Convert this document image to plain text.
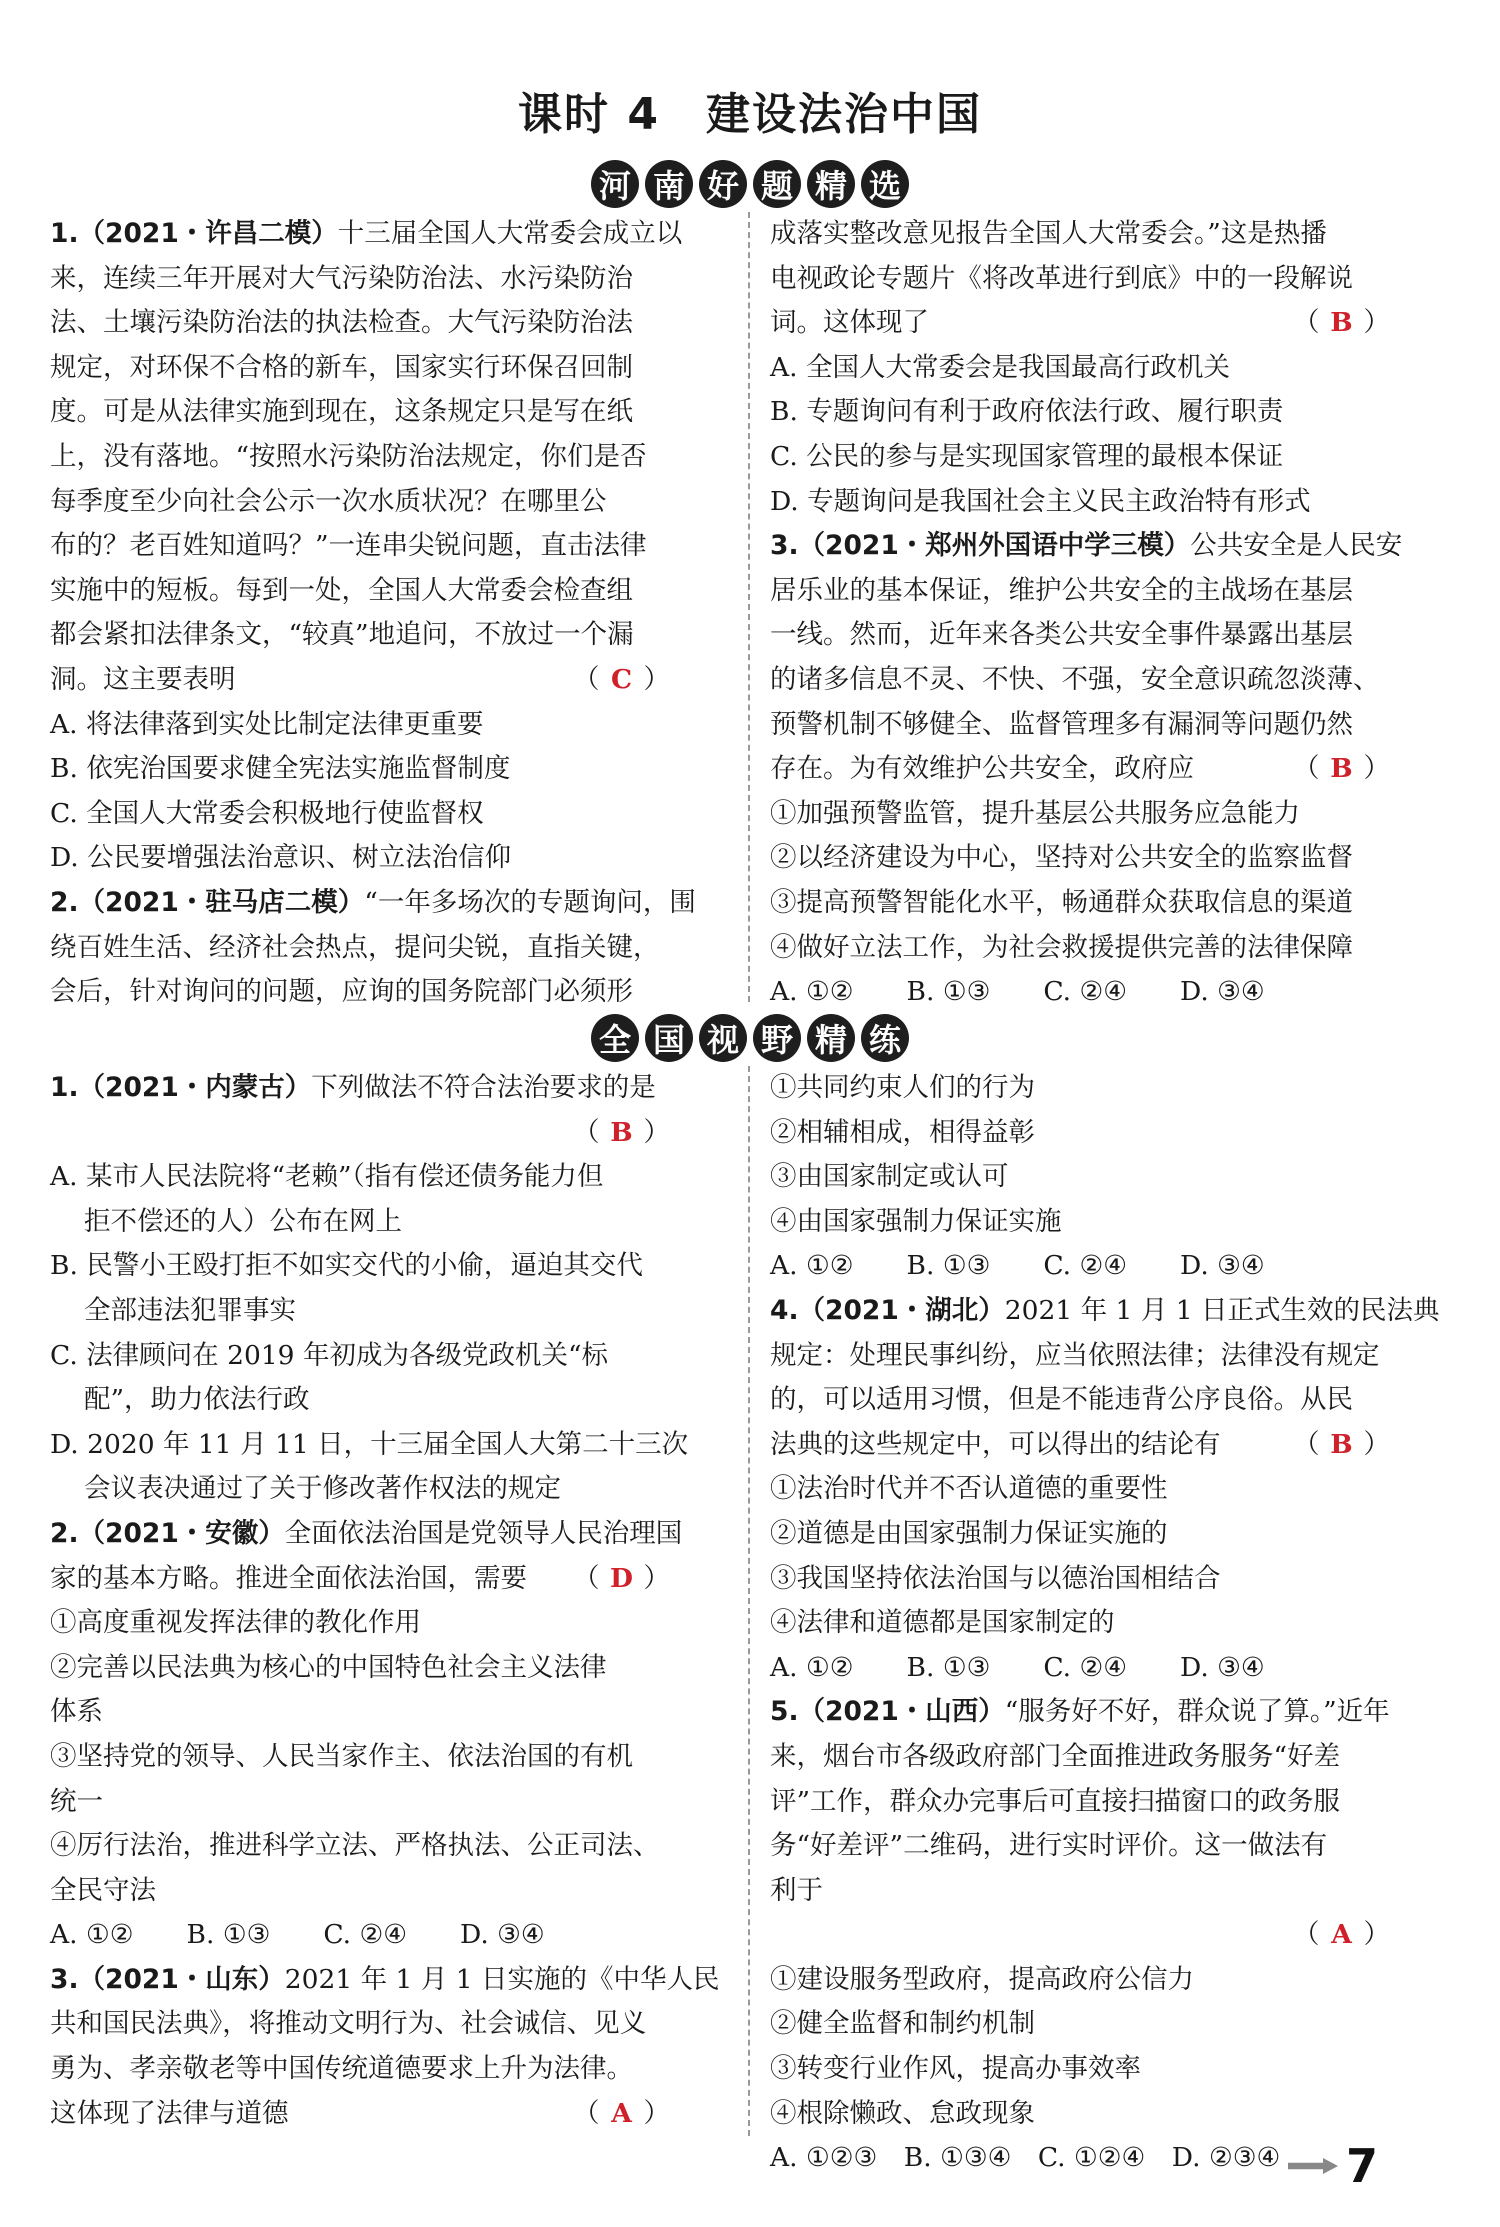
课时 4　建设法治中国
河 南 好 题 精 选
全 国 视 野 精 练
1.（2021・许昌二模）十三届全国人大常委会成立以
来，连续三年开展对大气污染防治法、水污染防治
法、土壤污染防治法的执法检查。大气污染防治法
规定，对环保不合格的新车，国家实行环保召回制
度。可是从法律实施到现在，这条规定只是写在纸
上，没有落地。“按照水污染防治法规定，你们是否
每季度至少向社会公示一次水质状况？在哪里公
布的？老百姓知道吗？”一连串尖锐问题，直击法律
实施中的短板。每到一处，全国人大常委会检查组
都会紧扣法律条文，“较真”地追问，不放过一个漏
洞。这主要表明	（ C ）
A. 将法律落到实处比制定法律更重要
B. 依宪治国要求健全宪法实施监督制度
C. 全国人大常委会积极地行使监督权
D. 公民要增强法治意识、树立法治信仰
2.（2021・驻马店二模）“一年多场次的专题询问，围
绕百姓生活、经济社会热点，提问尖锐，直指关键，
会后，针对询问的问题，应询的国务院部门必须形
成落实整改意见报告全国人大常委会。”这是热播
电视政论专题片《将改革进行到底》中的一段解说
词。这体现了	（ B ）
A. 全国人大常委会是我国最高行政机关
B. 专题询问有利于政府依法行政、履行职责
C. 公民的参与是实现国家管理的最根本保证
D. 专题询问是我国社会主义民主政治特有形式
3.（2021・郑州外国语中学三模）公共安全是人民安
居乐业的基本保证，维护公共安全的主战场在基层
一线。然而，近年来各类公共安全事件暴露出基层
的诸多信息不灵、不快、不强，安全意识疏忽淡薄、
预警机制不够健全、监督管理多有漏洞等问题仍然
存在。为有效维护公共安全，政府应	（ B ）
①加强预警监管，提升基层公共服务应急能力
②以经济建设为中心，坚持对公共安全的监察监督
③提高预警智能化水平，畅通群众获取信息的渠道
④做好立法工作，为社会救援提供完善的法律保障
A. ①②　　B. ①③　　C. ②④　　D. ③④
1.（2021・内蒙古）下列做法不符合法治要求的是
（ B ）
A. 某市人民法院将“老赖”（指有偿还债务能力但
拒不偿还的人）公布在网上
B. 民警小王殴打拒不如实交代的小偷，逼迫其交代
全部违法犯罪事实
C. 法律顾问在 2019 年初成为各级党政机关“标
配”，助力依法行政
D. 2020 年 11 月 11 日，十三届全国人大第二十三次
会议表决通过了关于修改著作权法的规定
2.（2021・安徽）全面依法治国是党领导人民治理国
家的基本方略。推进全面依法治国，需要 （ D ）
①高度重视发挥法律的教化作用
②完善以民法典为核心的中国特色社会主义法律
体系
③坚持党的领导、人民当家作主、依法治国的有机
统一
④厉行法治，推进科学立法、严格执法、公正司法、
全民守法
A. ①②　　B. ①③　　C. ②④　　D. ③④
3.（2021・山东）2021 年 1 月 1 日实施的《中华人民
共和国民法典》，将推动文明行为、社会诚信、见义
勇为、孝亲敬老等中国传统道德要求上升为法律。
这体现了法律与道德	（ A ）
①共同约束人们的行为
②相辅相成，相得益彰
③由国家制定或认可
④由国家强制力保证实施
A. ①②　　B. ①③　　C. ②④　　D. ③④
4.（2021・湖北）2021 年 1 月 1 日正式生效的民法典
规定：处理民事纠纷，应当依照法律；法律没有规定
的，可以适用习惯，但是不能违背公序良俗。从民
法典的这些规定中，可以得出的结论有	（ B ）
①法治时代并不否认道德的重要性
②道德是由国家强制力保证实施的
③我国坚持依法治国与以德治国相结合
④法律和道德都是国家制定的
A. ①②　　B. ①③　　C. ②④　　D. ③④
5.（2021・山西）“服务好不好，群众说了算。”近年
来，烟台市各级政府部门全面推进政务服务“好差
评”工作，群众办完事后可直接扫描窗口的政务服
务“好差评”二维码，进行实时评价。这一做法有
利于
（ A ）
①建设服务型政府，提高政府公信力
②健全监督和制约机制
③转变行业作风，提高办事效率
④根除懒政、怠政现象
A. ①②③　B. ①③④　C. ①②④　D. ②③④	7
